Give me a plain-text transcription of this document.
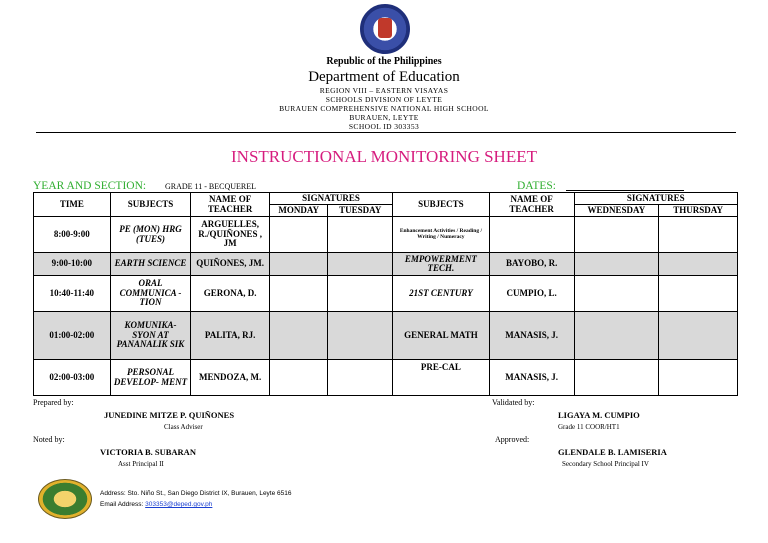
Republic of the Philippines
Department of Education
REGION VIII – EASTERN VISAYAS
SCHOOLS DIVISION OF LEYTE
BURAUEN COMPREHENSIVE NATIONAL HIGH SCHOOL
BURAUEN, LEYTE
SCHOOL ID 303353
INSTRUCTIONAL MONITORING SHEET
YEAR AND SECTION: GRADE 11 - BECQUEREL	DATES:
TIME	SUBJECTS	NAME OF TEACHER	SIGNATURES		SUBJECTS	NAME OF TEACHER	SIGNATURES	
			MONDAY	TUESDAY			WEDNESDAY	THURSDAY
8:00-9:00	PE (MON) HRG (TUES)	ARGUELLES, R./QUIÑONES , JM			Enhancement Activities / Reading / Writing / Numeracy			
9:00-10:00	EARTH SCIENCE	QUIÑONES, JM.			EMPOWERMENT TECH.	BAYOBO, R.		
10:40-11:40	ORAL COMMUNICA -TION	GERONA, D.			21ST CENTURY	CUMPIO, L.		
01:00-02:00	KOMUNIKA- SYON AT PANANALIK SIK	PALITA, RJ.			GENERAL MATH	MANASIS, J.		
02:00-03:00	PERSONAL DEVELOP- MENT	MENDOZA, M.			PRE-CAL	MANASIS, J.		
Prepared by:
JUNEDINE MITZE P. QUIÑONES
Class Adviser
Noted by:
VICTORIA B. SUBARAN
Asst Principal II
Validated by:
LIGAYA M. CUMPIO
Grade 11 COOR/HT1
Approved:
GLENDALE B. LAMISERIA
Secondary School Principal IV
Address: Sto. Niño St., San Diego District IX, Burauen, Leyte 6516
Email Address: 303353@deped.gov.ph
